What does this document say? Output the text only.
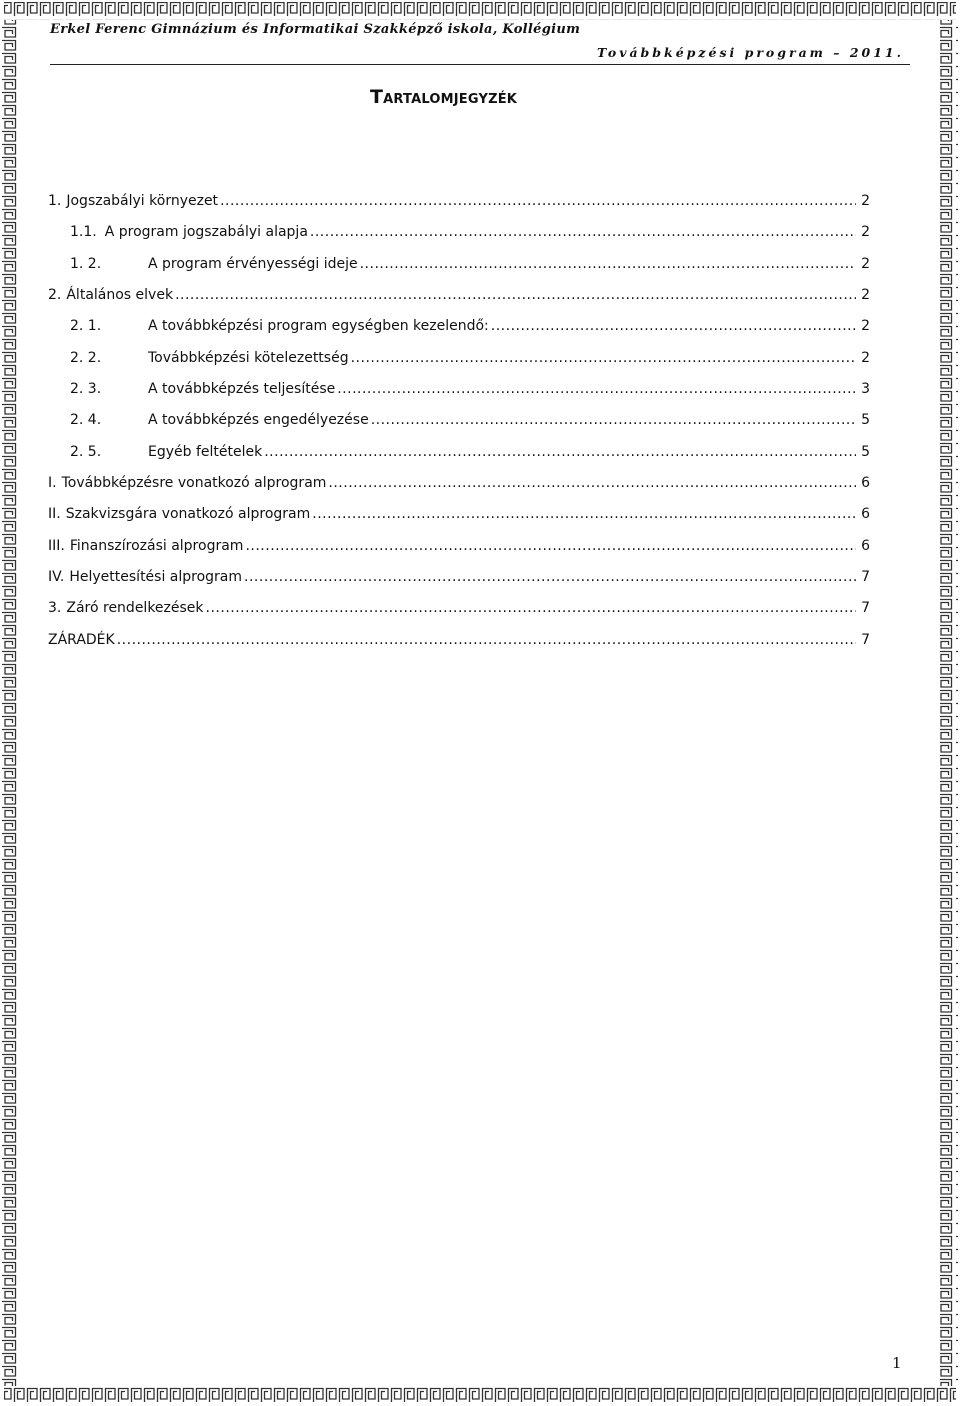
Erkel Ferenc Gimnázium és Informatikai Szakképző iskola, Kollégium
Továbbképzési program – 2011.
Tartalomjegyzék
1. Jogszabályi környezet .....	2
1.1. A program jogszabályi alapja .....	2
1. 2.	A program érvényességi ideje .....	2
2. Általános elvek .....	2
2. 1.	A továbbképzési program egységben kezelendő: .....	2
2. 2.	Továbbképzési kötelezettség .....	2
2. 3.	A továbbképzés teljesítése .....	3
2. 4.	A továbbképzés engedélyezése .....	5
2. 5.	Egyéb feltételek .....	5
I. Továbbképzésre vonatkozó alprogram .....	6
II. Szakvizsgára vonatkozó alprogram .....	6
III. Finanszírozási alprogram .....	6
IV. Helyettesítési alprogram .....	7
3. Záró rendelkezések .....	7
ZÁRADÉK .....	7
1
